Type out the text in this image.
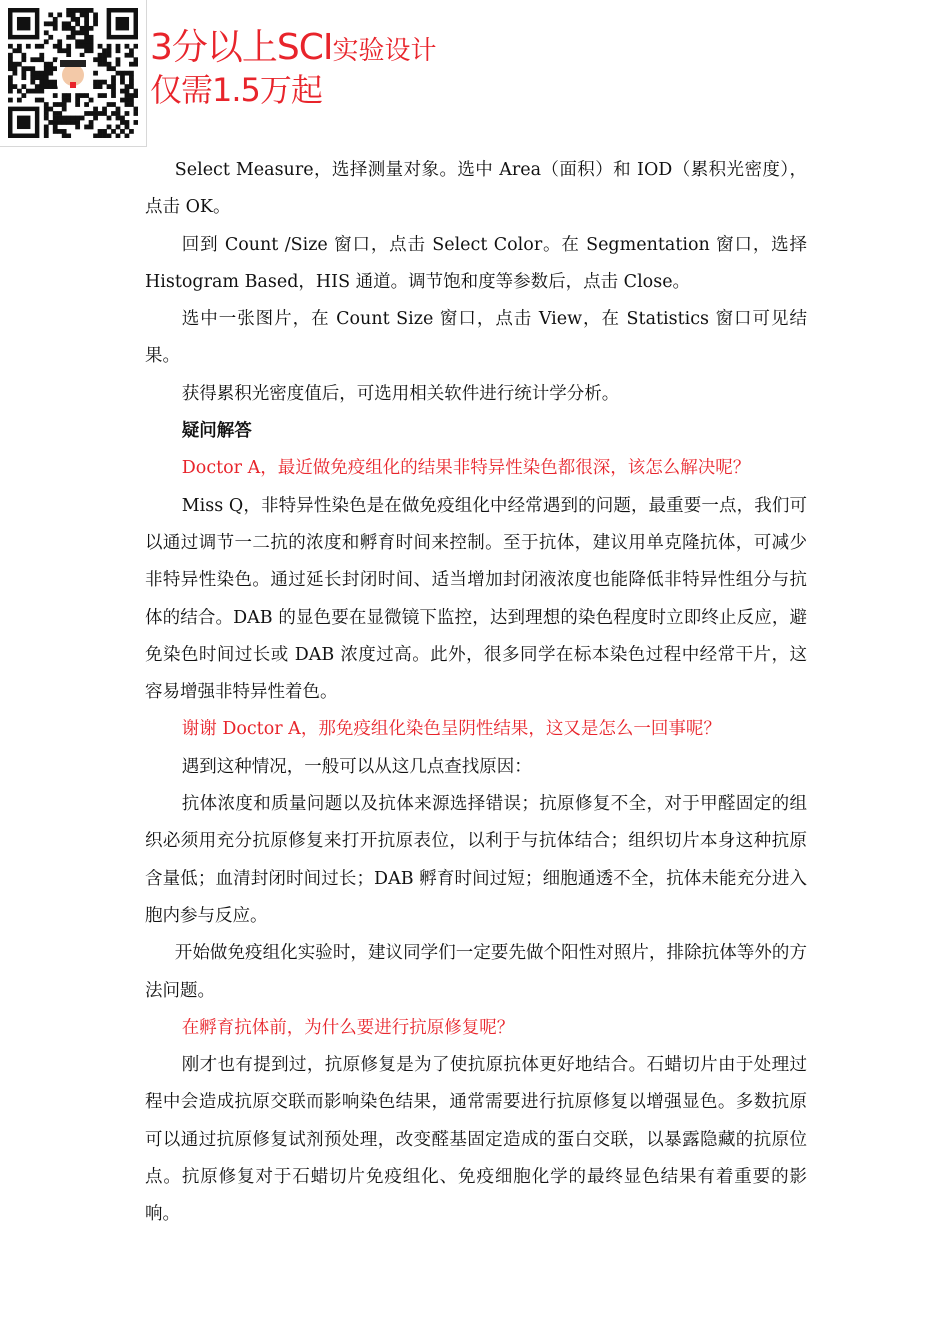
3分以上SCI实验设计
仅需1.5万起

Select Measure，选择测量对象。选中 Area（面积）和 IOD（累积光密度），点击 OK。

回到 Count /Size 窗口，点击 Select Color。在 Segmentation 窗口，选择 Histogram Based，HIS 通道。调节饱和度等参数后，点击 Close。

选中一张图片，在 Count Size 窗口，点击 View，在 Statistics 窗口可见结果。

获得累积光密度值后，可选用相关软件进行统计学分析。

疑问解答

Doctor A，最近做免疫组化的结果非特异性染色都很深，该怎么解决呢？

Miss Q，非特异性染色是在做免疫组化中经常遇到的问题，最重要一点，我们可以通过调节一二抗的浓度和孵育时间来控制。至于抗体，建议用单克隆抗体，可减少非特异性染色。通过延长封闭时间、适当增加封闭液浓度也能降低非特异性组分与抗体的结合。DAB 的显色要在显微镜下监控，达到理想的染色程度时立即终止反应，避免染色时间过长或 DAB 浓度过高。此外，很多同学在标本染色过程中经常干片，这容易增强非特异性着色。

谢谢 Doctor A，那免疫组化染色呈阴性结果，这又是怎么一回事呢？

遇到这种情况，一般可以从这几点查找原因：

抗体浓度和质量问题以及抗体来源选择错误；抗原修复不全，对于甲醛固定的组织必须用充分抗原修复来打开抗原表位，以利于与抗体结合；组织切片本身这种抗原含量低；血清封闭时间过长；DAB 孵育时间过短；细胞通透不全，抗体未能充分进入胞内参与反应。

开始做免疫组化实验时，建议同学们一定要先做个阳性对照片，排除抗体等外的方法问题。

在孵育抗体前，为什么要进行抗原修复呢？

刚才也有提到过，抗原修复是为了使抗原抗体更好地结合。石蜡切片由于处理过程中会造成抗原交联而影响染色结果，通常需要进行抗原修复以增强显色。多数抗原可以通过抗原修复试剂预处理，改变醛基固定造成的蛋白交联，以暴露隐藏的抗原位点。抗原修复对于石蜡切片免疫组化、免疫细胞化学的最终显色结果有着重要的影响。
